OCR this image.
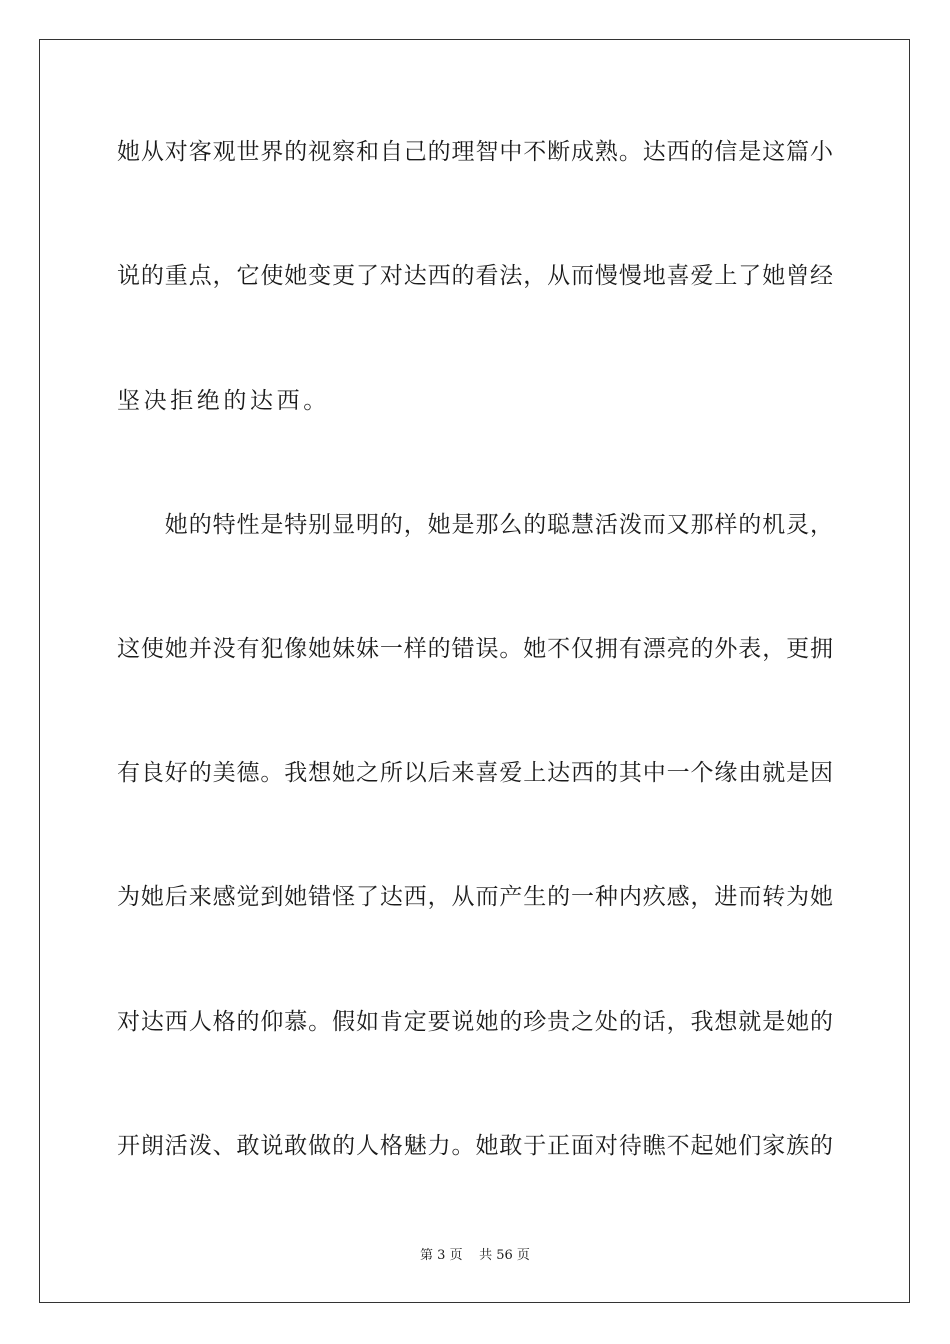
她从对客观世界的视察和自己的理智中不断成熟。达西的信是这篇小
说的重点，它使她变更了对达西的看法，从而慢慢地喜爱上了她曾经
坚决拒绝的达西。
　　她的特性是特别显明的，她是那么的聪慧活泼而又那样的机灵，
这使她并没有犯像她妹妹一样的错误。她不仅拥有漂亮的外表，更拥
有良好的美德。我想她之所以后来喜爱上达西的其中一个缘由就是因
为她后来感觉到她错怪了达西，从而产生的一种内疚感，进而转为她
对达西人格的仰慕。假如肯定要说她的珍贵之处的话，我想就是她的
开朗活泼、敢说敢做的人格魅力。她敢于正面对待瞧不起她们家族的
第 3 页 共 56 页
